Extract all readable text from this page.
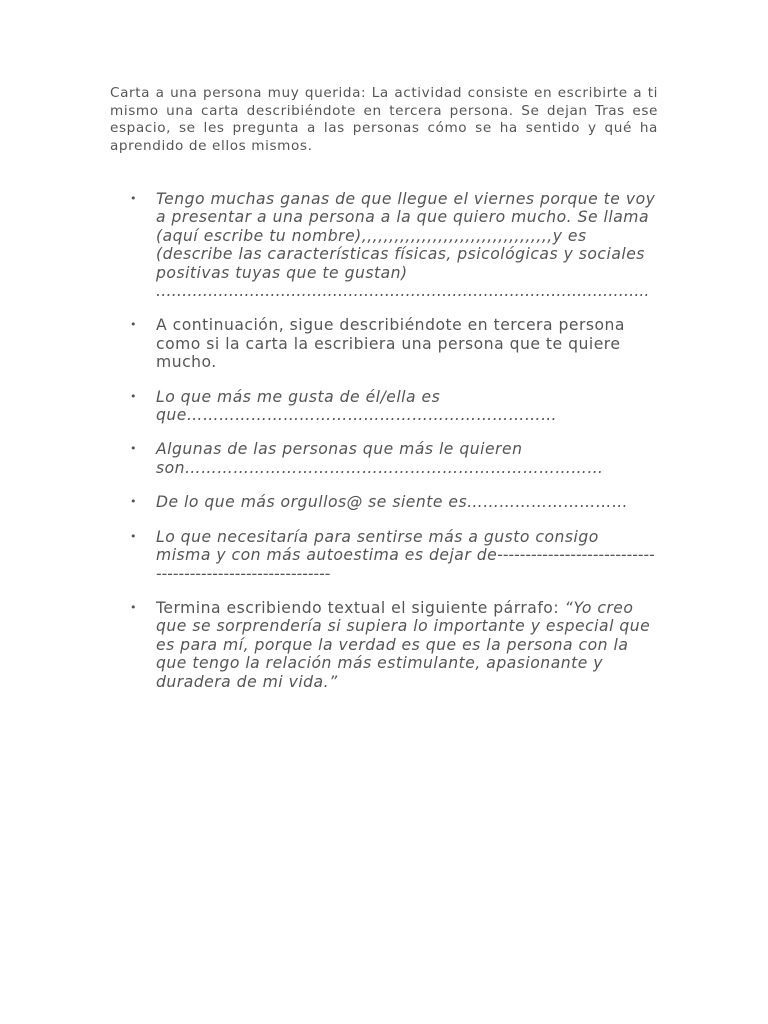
Carta a una persona muy querida: La actividad consiste en escribirte a ti mismo una carta describiéndote en tercera persona. Se dejan Tras ese espacio, se les pregunta a las personas cómo se ha sentido y qué ha aprendido de ellos mismos.

• Tengo muchas ganas de que llegue el viernes porque te voy a presentar a una persona a la que quiero mucho. Se llama (aquí escribe tu nombre),,,,,,,,,,,,,,,,,,,,,,,,,,,,,,,,,,,y es (describe las características físicas, psicológicas y sociales positivas tuyas que te gustan) …………………………………………………………………………………..
• A continuación, sigue describiéndote en tercera persona como si la carta la escribiera una persona que te quiere mucho.
• Lo que más me gusta de él/ella es que……………………………………………………………
• Algunas de las personas que más le quieren son……………………………………………………………………
• De lo que más orgullos@ se siente es…………………………
• Lo que necesitaría para sentirse más a gusto consigo misma y con más autoestima es dejar de-----------------------------------------------------------
• Termina escribiendo textual el siguiente párrafo: “Yo creo que se sorprendería si supiera lo importante y especial que es para mí, porque la verdad es que es la persona con la que tengo la relación más estimulante, apasionante y duradera de mi vida.”
